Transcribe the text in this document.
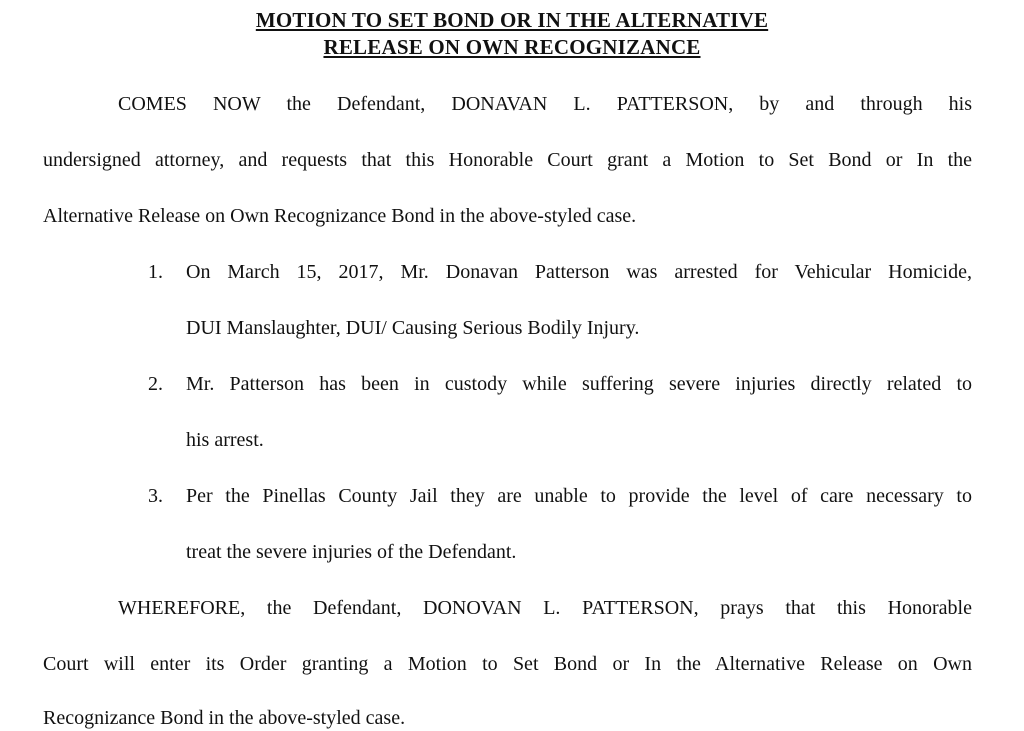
MOTION TO SET BOND OR IN THE ALTERNATIVE
RELEASE ON OWN RECOGNIZANCE
COMES NOW the Defendant, DONAVAN L. PATTERSON, by and through his
undersigned attorney, and requests that this Honorable Court grant a Motion to Set Bond or In the
Alternative Release on Own Recognizance Bond in the above-styled case.
1. On March 15, 2017, Mr. Donavan Patterson was arrested for Vehicular Homicide,
DUI Manslaughter, DUI/ Causing Serious Bodily Injury.
2. Mr. Patterson has been in custody while suffering severe injuries directly related to
his arrest.
3. Per the Pinellas County Jail they are unable to provide the level of care necessary to
treat the severe injuries of the Defendant.
WHEREFORE, the Defendant, DONOVAN L. PATTERSON, prays that this Honorable
Court will enter its Order granting a Motion to Set Bond or In the Alternative Release on Own
Recognizance Bond in the above-styled case.
